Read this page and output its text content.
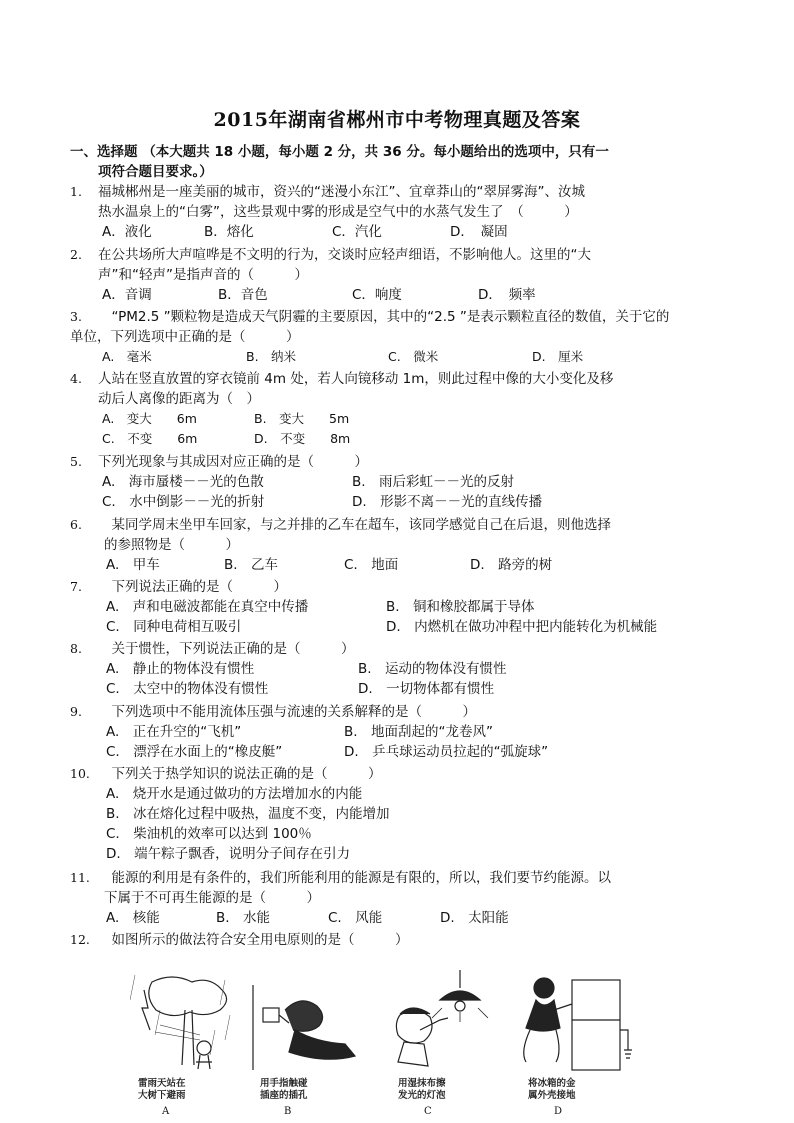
2015年湖南省郴州市中考物理真题及答案
一、选择题 （本大题共 18 小题，每小题 2 分，共 36 分。每小题给出的选项中，只有一
项符合题目要求。）
1.	福城郴州是一座美丽的城市，资兴的“迷漫小东江”、宜章莽山的“翠屏雾海”、汝城
热水温泉上的“白雾”，这些景观中雾的形成是空气中的水蒸气发生了　（　　　）
A．液化	B．熔化	C．汽化	D．　凝固
2.	在公共场所大声喧哗是不文明的行为，交谈时应轻声细语，不影响他人。这里的“大
声”和“轻声”是指声音的（　　　）
A．音调	B．音色	C．响度	D．　频率
3.	　“PM2.5 ”颗粒物是造成天气阴霾的主要原因，其中的“2.5 ”是表示颗粒直径的数值，关于它的
单位，下列选项中正确的是（　　　）
A.　毫米	B.　纳米	C.　微米	D.　厘米
4.	人站在竖直放置的穿衣镜前 4m 处，若人向镜移动 1m，则此过程中像的大小变化及移
动后人离像的距离为（　）
A.　变大　　6m	B.　变大　　5m
C.　不变　　6m	D.　不变　　8m
5.	下列光现象与其成因对应正确的是（　　　）
A.　海市蜃楼－－光的色散	B.　雨后彩虹－－光的反射
C.　水中倒影－－光的折射	D.　形影不离－－光的直线传播
6.	　某同学周末坐甲车回家，与之并排的乙车在超车，该同学感觉自己在后退，则他选择
的参照物是（　　　）
A.　甲车	B.　乙车	C.　地面	D.　路旁的树
7.	　下列说法正确的是（　　　）
A.　声和电磁波都能在真空中传播	B.　铜和橡胶都属于导体
C.　同种电荷相互吸引	D.　内燃机在做功冲程中把内能转化为机械能
8.	　关于惯性，下列说法正确的是（　　　）
A.　静止的物体没有惯性	B.　运动的物体没有惯性
C.　太空中的物体没有惯性	D.　一切物体都有惯性
9.	　下列选项中不能用流体压强与流速的关系解释的是（　　　）
A.　正在升空的“飞机”	B.　地面刮起的“龙卷风”
C.　漂浮在水面上的“橡皮艇”	D.　乒乓球运动员拉起的“弧旋球”
10. 　下列关于热学知识的说法正确的是（　　　）
A.　烧开水是通过做功的方法增加水的内能
B.　冰在熔化过程中吸热，温度不变，内能增加
C.　柴油机的效率可以达到 100％
D.　端午粽子飘香，说明分子间存在引力
11. 　能源的利用是有条件的，我们所能利用的能源是有限的，所以，我们要节约能源。以
下属于不可再生能源的是（　　　）
A.　核能	B.　水能	C.　风能	D.　太阳能
12. 　如图所示的做法符合安全用电原则的是（　　　）
雷雨天站在
大树下避雨
A
用手指触碰
插座的插孔
B
用湿抹布擦
发光的灯泡
C
将冰箱的金
属外壳接地
D
